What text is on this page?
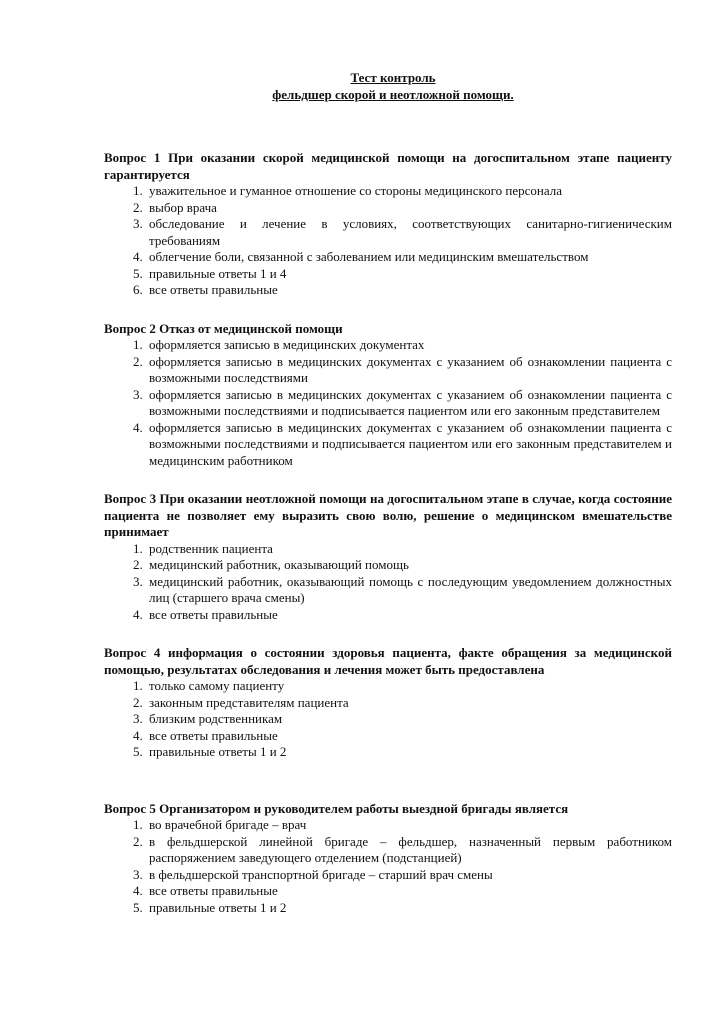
Тест контроль

фельдшер скорой и неотложной помощи.

Вопрос 1 При оказании скорой медицинской помощи на догоспитальном этапе пациенту гарантируется

1. уважительное и гуманное отношение со стороны медицинского персонала
2. выбор врача
3. обследование и лечение в условиях, соответствующих санитарно-гигиеническим требованиям
4. облегчение боли, связанной с заболеванием или медицинским вмешательством
5. правильные ответы 1 и 4
6. все ответы правильные

Вопрос 2 Отказ от медицинской помощи

1. оформляется записью в медицинских документах
2. оформляется записью в медицинских документах с указанием об ознакомлении пациента с возможными последствиями
3. оформляется записью в медицинских документах с указанием об ознакомлении пациента с возможными последствиями и подписывается пациентом или его законным представителем
4. оформляется записью в медицинских документах с указанием об ознакомлении пациента с возможными последствиями и подписывается пациентом или его законным представителем и медицинским работником

Вопрос 3 При оказании неотложной помощи на догоспитальном этапе в случае, когда состояние пациента не позволяет ему выразить свою волю, решение о медицинском вмешательстве принимает

1. родственник пациента
2. медицинский работник, оказывающий помощь
3. медицинский работник, оказывающий помощь с последующим уведомлением должностных лиц (старшего врача смены)
4. все ответы правильные

Вопрос 4 информация о состоянии здоровья пациента, факте обращения за медицинской помощью, результатах обследования и лечения может быть предоставлена

1. только самому пациенту
2. законным представителям пациента
3. близким родственникам
4. все ответы правильные
5. правильные ответы 1 и 2

Вопрос 5 Организатором и руководителем работы выездной бригады является

1. во врачебной бригаде – врач
2. в фельдшерской линейной бригаде – фельдшер, назначенный первым работником распоряжением заведующего отделением (подстанцией)
3. в фельдшерской транспортной бригаде – старший врач смены
4. все ответы правильные
5. правильные ответы 1 и 2
